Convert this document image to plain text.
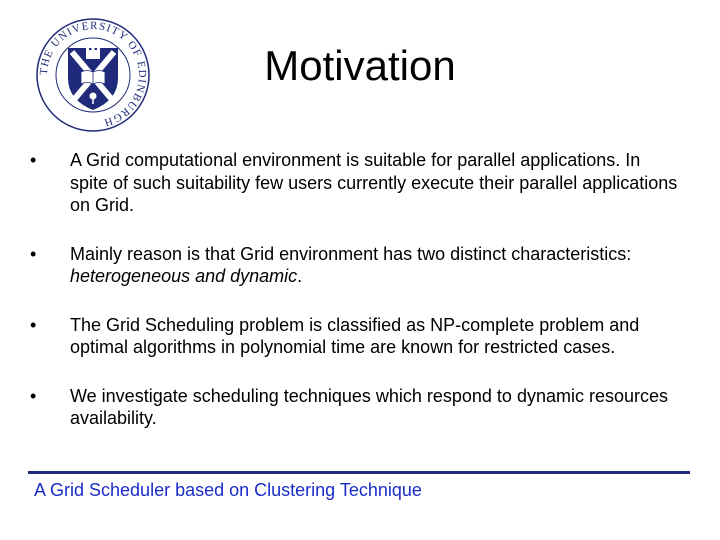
THE UNIVERSITY OF EDINBURGH
Motivation
• A Grid computational environment is suitable for parallel applications. In spite of such suitability few users currently execute their parallel applications on Grid.
• Mainly reason is that Grid environment has two distinct characteristics: heterogeneous and dynamic.
• The Grid Scheduling problem is classified as NP-complete problem and optimal algorithms in polynomial time are known for restricted cases.
• We investigate scheduling techniques which respond to dynamic resources availability.
A Grid Scheduler based on Clustering Technique
